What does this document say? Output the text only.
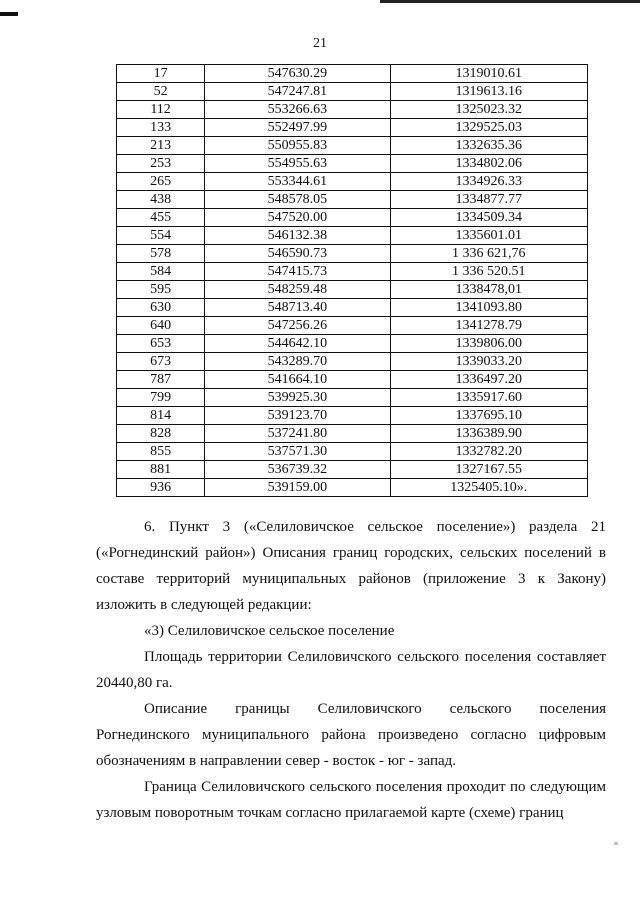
21
17	547630.29	1319010.61
52	547247.81	1319613.16
112	553266.63	1325023.32
133	552497.99	1329525.03
213	550955.83	1332635.36
253	554955.63	1334802.06
265	553344.61	1334926.33
438	548578.05	1334877.77
455	547520.00	1334509.34
554	546132.38	1335601.01
578	546590.73	1 336 621,76
584	547415.73	1 336 520.51
595	548259.48	1338478,01
630	548713.40	1341093.80
640	547256.26	1341278.79
653	544642.10	1339806.00
673	543289.70	1339033.20
787	541664.10	1336497.20
799	539925.30	1335917.60
814	539123.70	1337695.10
828	537241.80	1336389.90
855	537571.30	1332782.20
881	536739.32	1327167.55
936	539159.00	1325405.10».
6. Пункт 3 («Селиловичское сельское поселение») раздела 21 («Рогнединский район») Описания границ городских, сельских поселений в составе территорий муниципальных районов (приложение 3 к Закону) изложить в следующей редакции:
«3) Селиловичское сельское поселение
Площадь территории Селиловичского сельского поселения составляет 20440,80 га.
Описание границы Селиловичского сельского поселения Рогнединского муниципального района произведено согласно цифровым обозначениям в направлении север - восток - юг - запад.
Граница Селиловичского сельского поселения проходит по следующим узловым поворотным точкам согласно прилагаемой карте (схеме) границ
